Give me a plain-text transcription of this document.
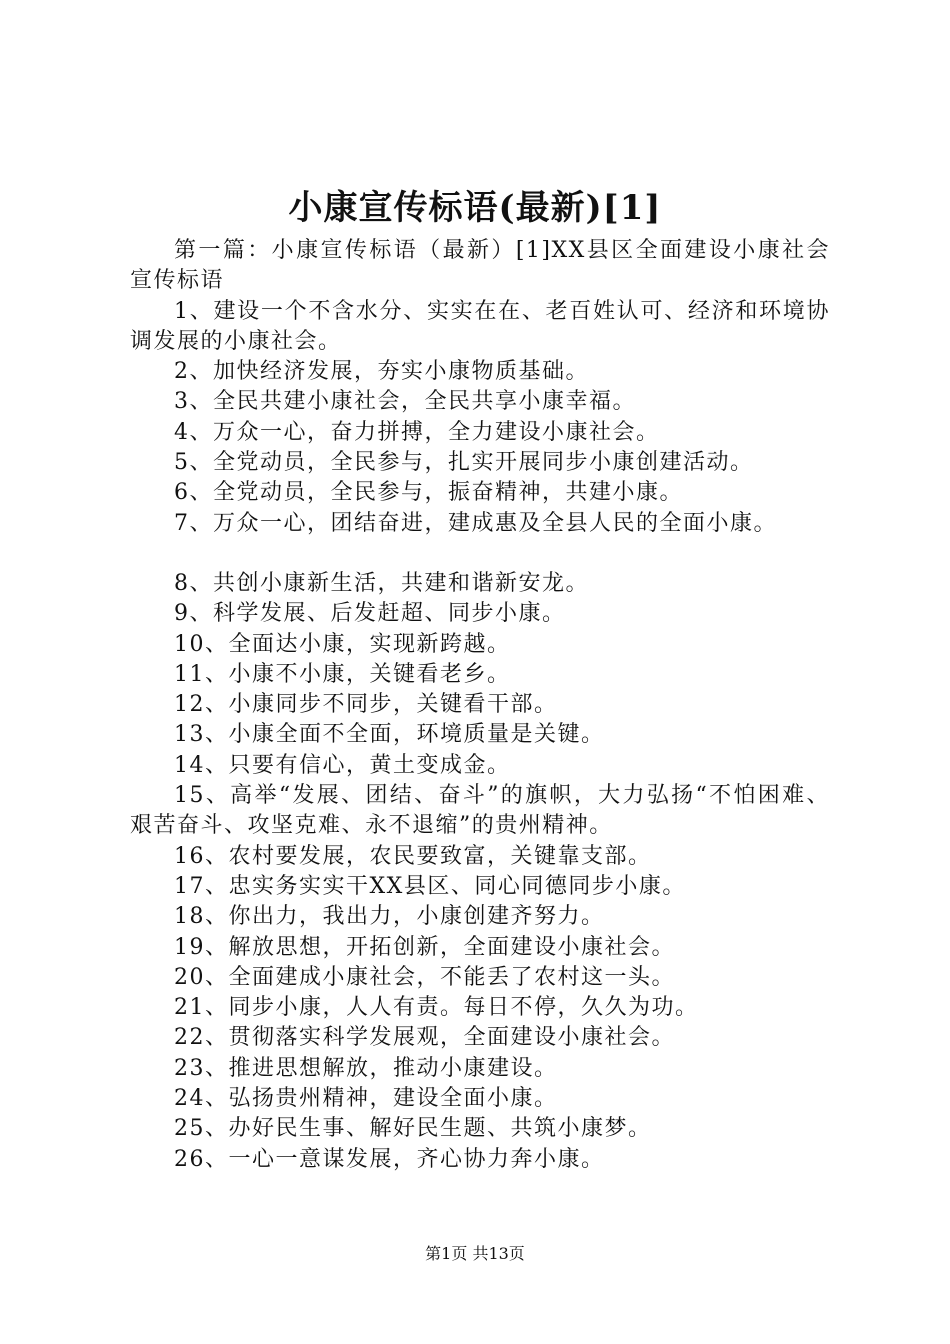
小康宣传标语(最新)[1]

第一篇：小康宣传标语（最新）[1]XX县区全面建设小康社会宣传标语

1、建设一个不含水分、实实在在、老百姓认可、经济和环境协调发展的小康社会。

2、加快经济发展，夯实小康物质基础。

3、全民共建小康社会，全民共享小康幸福。

4、万众一心，奋力拼搏，全力建设小康社会。

5、全党动员，全民参与，扎实开展同步小康创建活动。

6、全党动员，全民参与，振奋精神，共建小康。

7、万众一心，团结奋进，建成惠及全县人民的全面小康。

8、共创小康新生活，共建和谐新安龙。

9、科学发展、后发赶超、同步小康。

10、全面达小康，实现新跨越。

11、小康不小康，关键看老乡。

12、小康同步不同步，关键看干部。

13、小康全面不全面，环境质量是关键。

14、只要有信心，黄土变成金。

15、高举“发展、团结、奋斗”的旗帜，大力弘扬“不怕困难、艰苦奋斗、攻坚克难、永不退缩”的贵州精神。

16、农村要发展，农民要致富，关键靠支部。

17、忠实务实实干XX县区、同心同德同步小康。

18、你出力，我出力，小康创建齐努力。

19、解放思想，开拓创新，全面建设小康社会。

20、全面建成小康社会，不能丢了农村这一头。

21、同步小康，人人有责。每日不停，久久为功。

22、贯彻落实科学发展观，全面建设小康社会。

23、推进思想解放，推动小康建设。

24、弘扬贵州精神，建设全面小康。

25、办好民生事、解好民生题、共筑小康梦。

26、一心一意谋发展，齐心协力奔小康。

第1页 共13页
